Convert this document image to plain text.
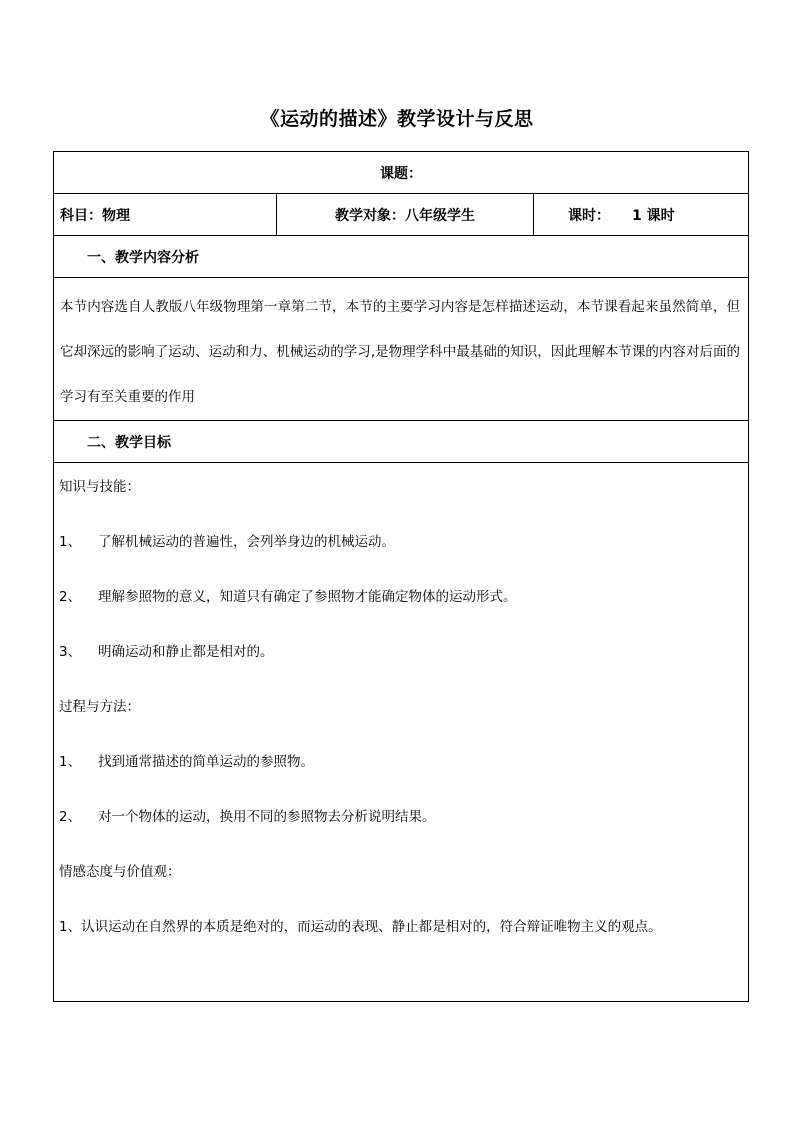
《运动的描述》教学设计与反思
课题：
科目：物理	教学对象：八年级学生	课时： 1 课时
一、教学内容分析

本节内容选自人教版八年级物理第一章第二节，本节的主要学习内容是怎样描述运动，本节课看起来虽然简单，但它却深远的影响了运动、运动和力、机械运动的学习,是物理学科中最基础的知识，因此理解本节课的内容对后面的学习有至关重要的作用

二、教学目标
知识与技能：
1、 了解机械运动的普遍性，会列举身边的机械运动。
2、 理解参照物的意义，知道只有确定了参照物才能确定物体的运动形式。
3、 明确运动和静止都是相对的。
过程与方法：
1、 找到通常描述的简单运动的参照物。
2、 对一个物体的运动，换用不同的参照物去分析说明结果。
情感态度与价值观：
1、认识运动在自然界的本质是绝对的，而运动的表现、静止都是相对的，符合辩证唯物主义的观点。
